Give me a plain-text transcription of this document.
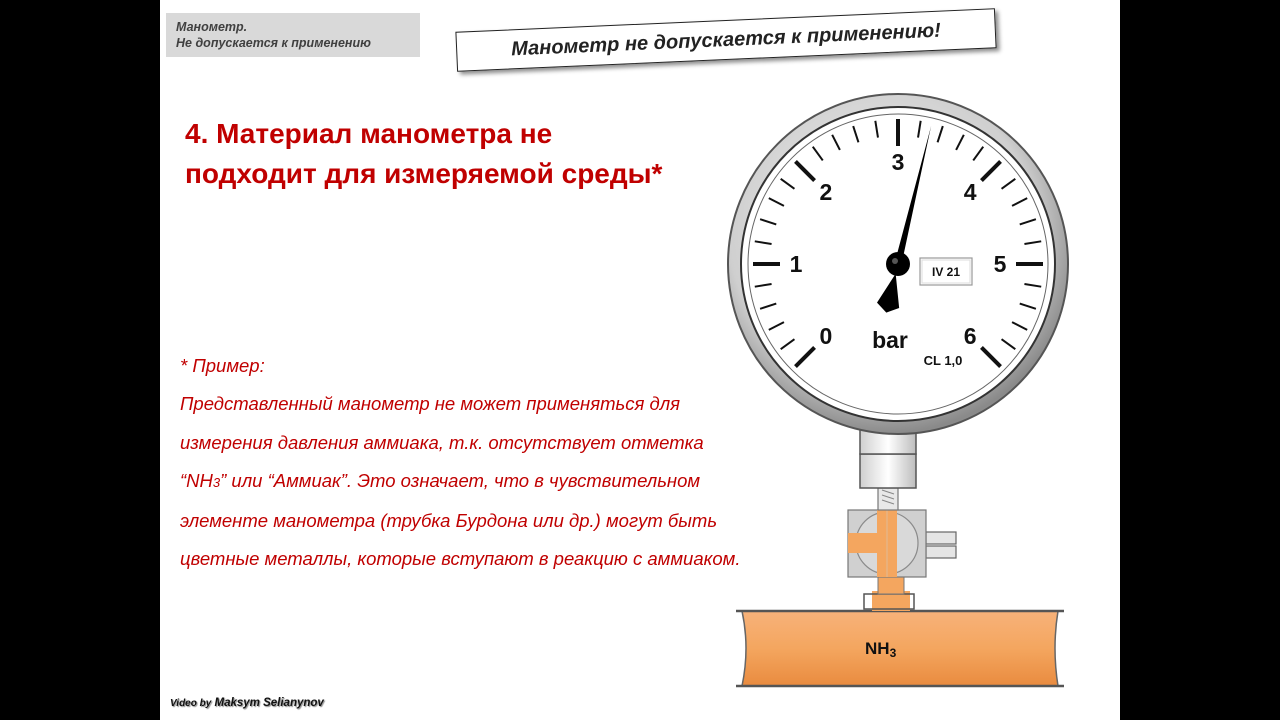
Манометр.
Не допускается к применению	Манометр не допускается к применению!
4. Материал манометра не
подходит для измеряемой среды*
* Пример:
Представленный манометр не может применяться для
измерения давления аммиака, т.к. отсутствует отметка
“NH3” или “Аммиак”. Это означает, что в чувствительном
элементе манометра (трубка Бурдона или др.) могут быть
цветные металлы, которые вступают в реакцию с аммиаком.
NH3
0
1
2
3
4
5
6
bar
CL 1,0
IV 21
Video by Maksym Selianynov
